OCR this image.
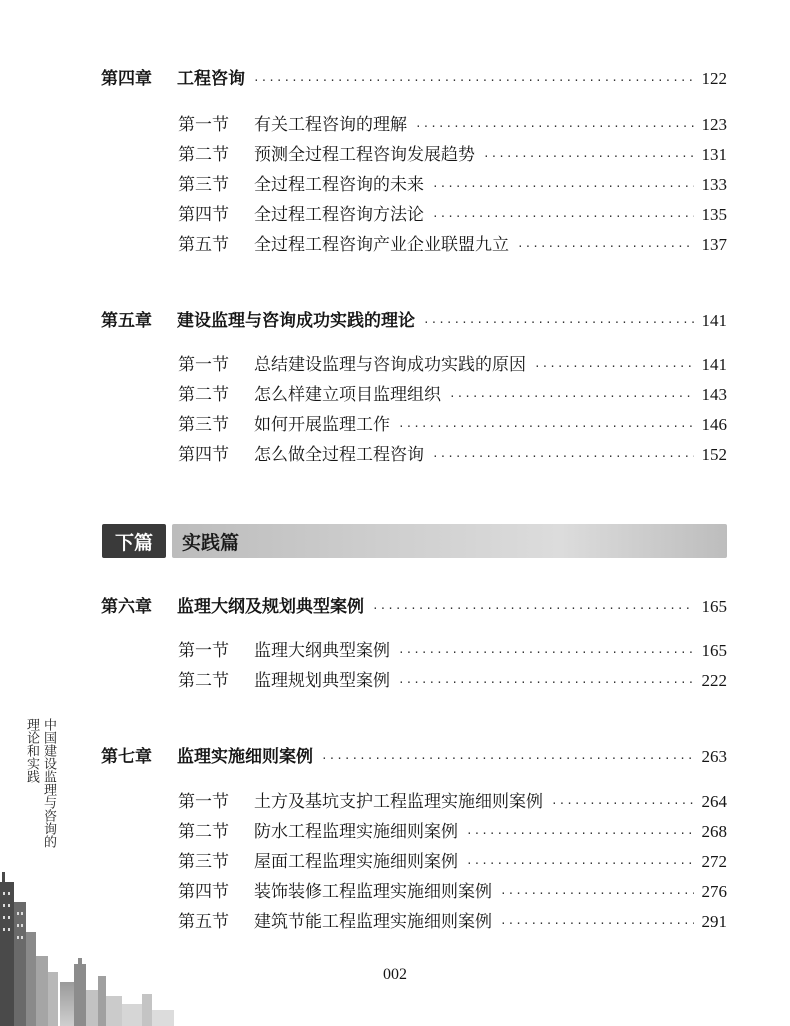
第四章	工程咨询 ·····	122
第一节	有关工程咨询的理解 ·····	123
第二节	预测全过程工程咨询发展趋势 ·····	131
第三节	全过程工程咨询的未来 ·····	133
第四节	全过程工程咨询方法论 ·····	135
第五节	全过程工程咨询产业企业联盟九立 ·····	137
第五章	建设监理与咨询成功实践的理论 ·····	141
第一节	总结建设监理与咨询成功实践的原因 ·····	141
第二节	怎么样建立项目监理组织 ·····	143
第三节	如何开展监理工作 ·····	146
第四节	怎么做全过程工程咨询 ·····	152
下篇	实践篇
第六章	监理大纲及规划典型案例 ·····	165
第一节	监理大纲典型案例 ·····	165
第二节	监理规划典型案例 ·····	222
第七章	监理实施细则案例 ·····	263
第一节	土方及基坑支护工程监理实施细则案例 ·····	264
第二节	防水工程监理实施细则案例 ·····	268
第三节	屋面工程监理实施细则案例 ·····	272
第四节	装饰装修工程监理实施细则案例 ·····	276
第五节	建筑节能工程监理实施细则案例 ·····	291
中国建设监理与咨询的
理论和实践
002
